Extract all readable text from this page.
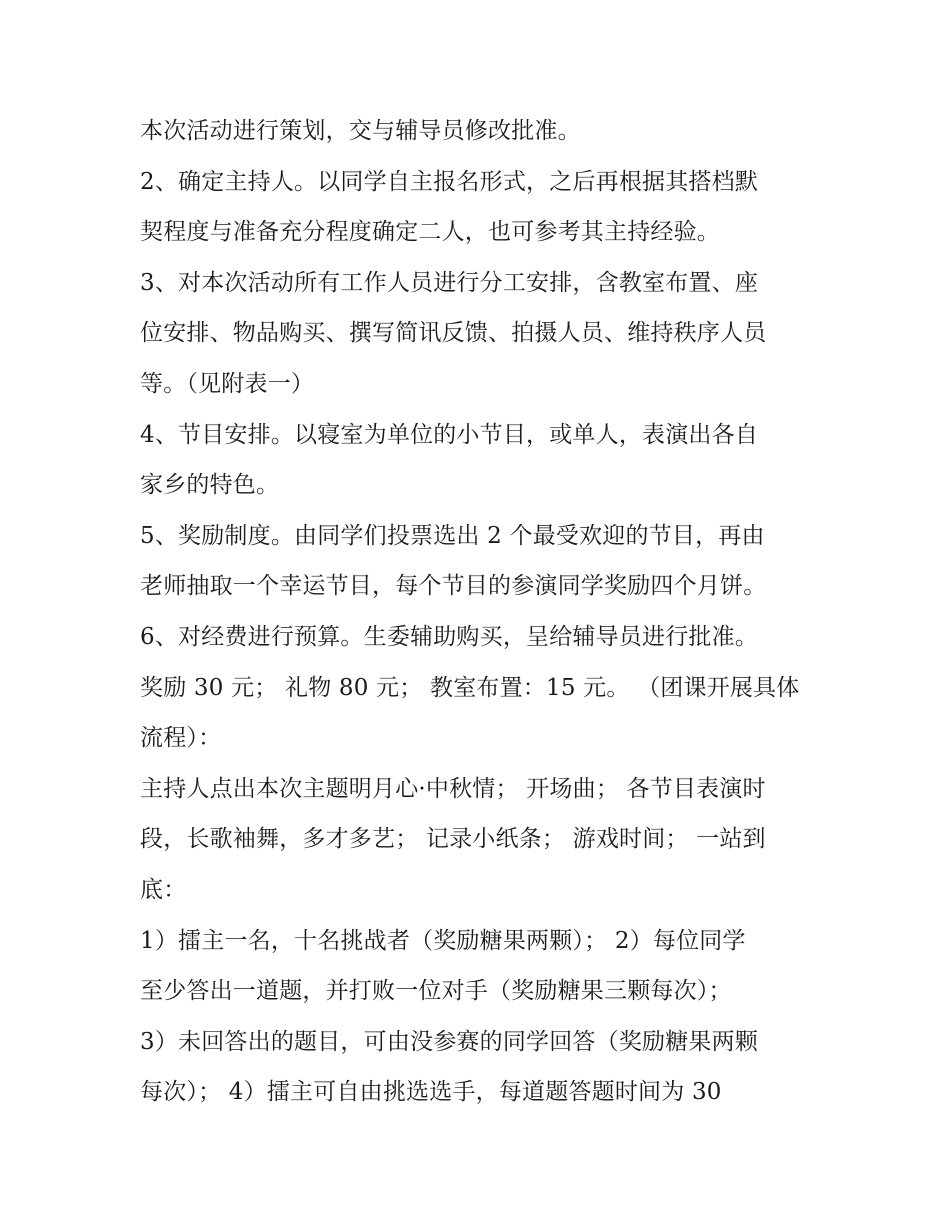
本次活动进行策划，交与辅导员修改批准。
2、确定主持人。以同学自主报名形式，之后再根据其搭档默
契程度与准备充分程度确定二人，也可参考其主持经验。
3、对本次活动所有工作人员进行分工安排，含教室布置、座
位安排、物品购买、撰写简讯反馈、拍摄人员、维持秩序人员
等。（见附表一）
4、节目安排。以寝室为单位的小节目，或单人，表演出各自
家乡的特色。
5、奖励制度。由同学们投票选出 2 个最受欢迎的节目，再由
老师抽取一个幸运节目，每个节目的参演同学奖励四个月饼。
6、对经费进行预算。生委辅助购买，呈给辅导员进行批准。
奖励 30 元； 礼物 80 元； 教室布置：15 元。 （团课开展具体
流程）：
主持人点出本次主题明月心·中秋情； 开场曲； 各节目表演时
段，长歌袖舞，多才多艺； 记录小纸条； 游戏时间； 一站到
底：
1）擂主一名，十名挑战者（奖励糖果两颗）； 2）每位同学
至少答出一道题，并打败一位对手（奖励糖果三颗每次）；
3）未回答出的题目，可由没参赛的同学回答（奖励糖果两颗
每次）； 4）擂主可自由挑选选手，每道题答题时间为 30
